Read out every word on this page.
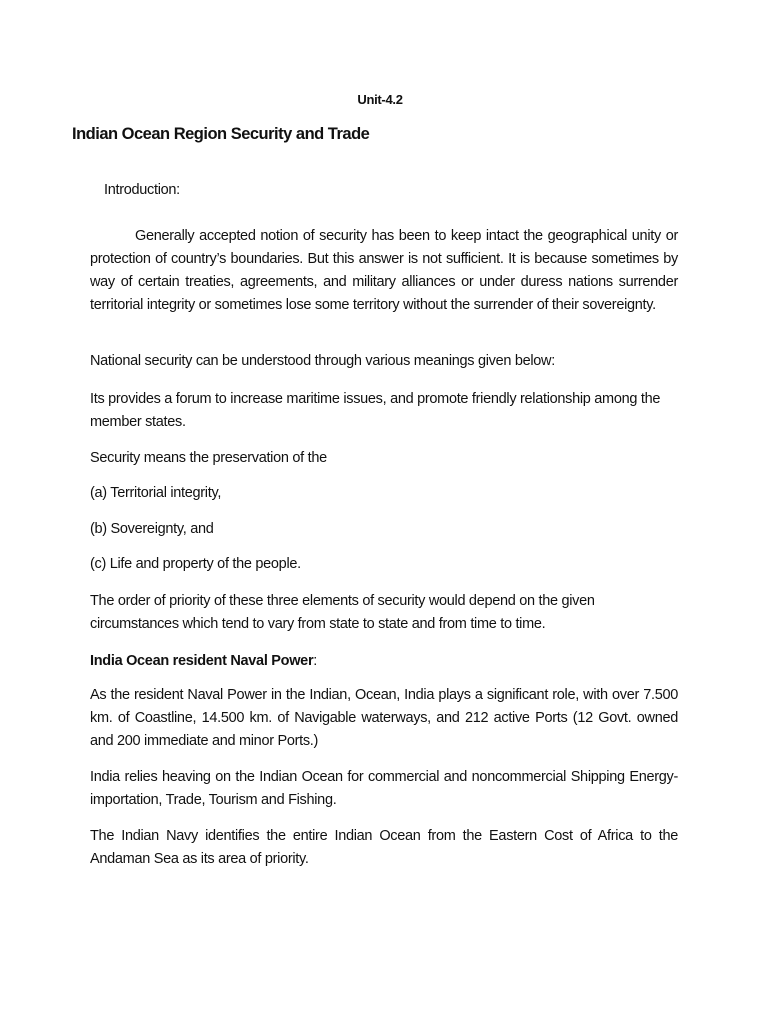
Unit-4.2
Indian Ocean Region Security and Trade
Introduction:
Generally accepted notion of security has been to keep intact the geographical unity or protection of country’s boundaries. But this answer is not sufficient. It is because sometimes by way of certain treaties, agreements, and military alliances or under duress nations surrender territorial integrity or sometimes lose some territory without the surrender of their sovereignty.
National security can be understood through various meanings given below:
Its provides a forum to increase maritime issues, and promote friendly relationship among the member states.
Security means the preservation of the
(a) Territorial integrity,
(b) Sovereignty, and
(c) Life and property of the people.
The order of priority of these three elements of security would depend on the given circumstances which tend to vary from state to state and from time to time.
India Ocean resident Naval Power:
As the resident Naval Power in the Indian, Ocean, India plays a significant role, with over 7.500 km. of Coastline, 14.500 km. of Navigable waterways, and 212 active Ports (12 Govt. owned and 200 immediate and minor Ports.)
India relies heaving on the Indian Ocean for commercial and noncommercial Shipping Energy-importation, Trade, Tourism and Fishing.
The Indian Navy identifies the entire Indian Ocean from the Eastern Cost of Africa to the Andaman Sea as its area of priority.
